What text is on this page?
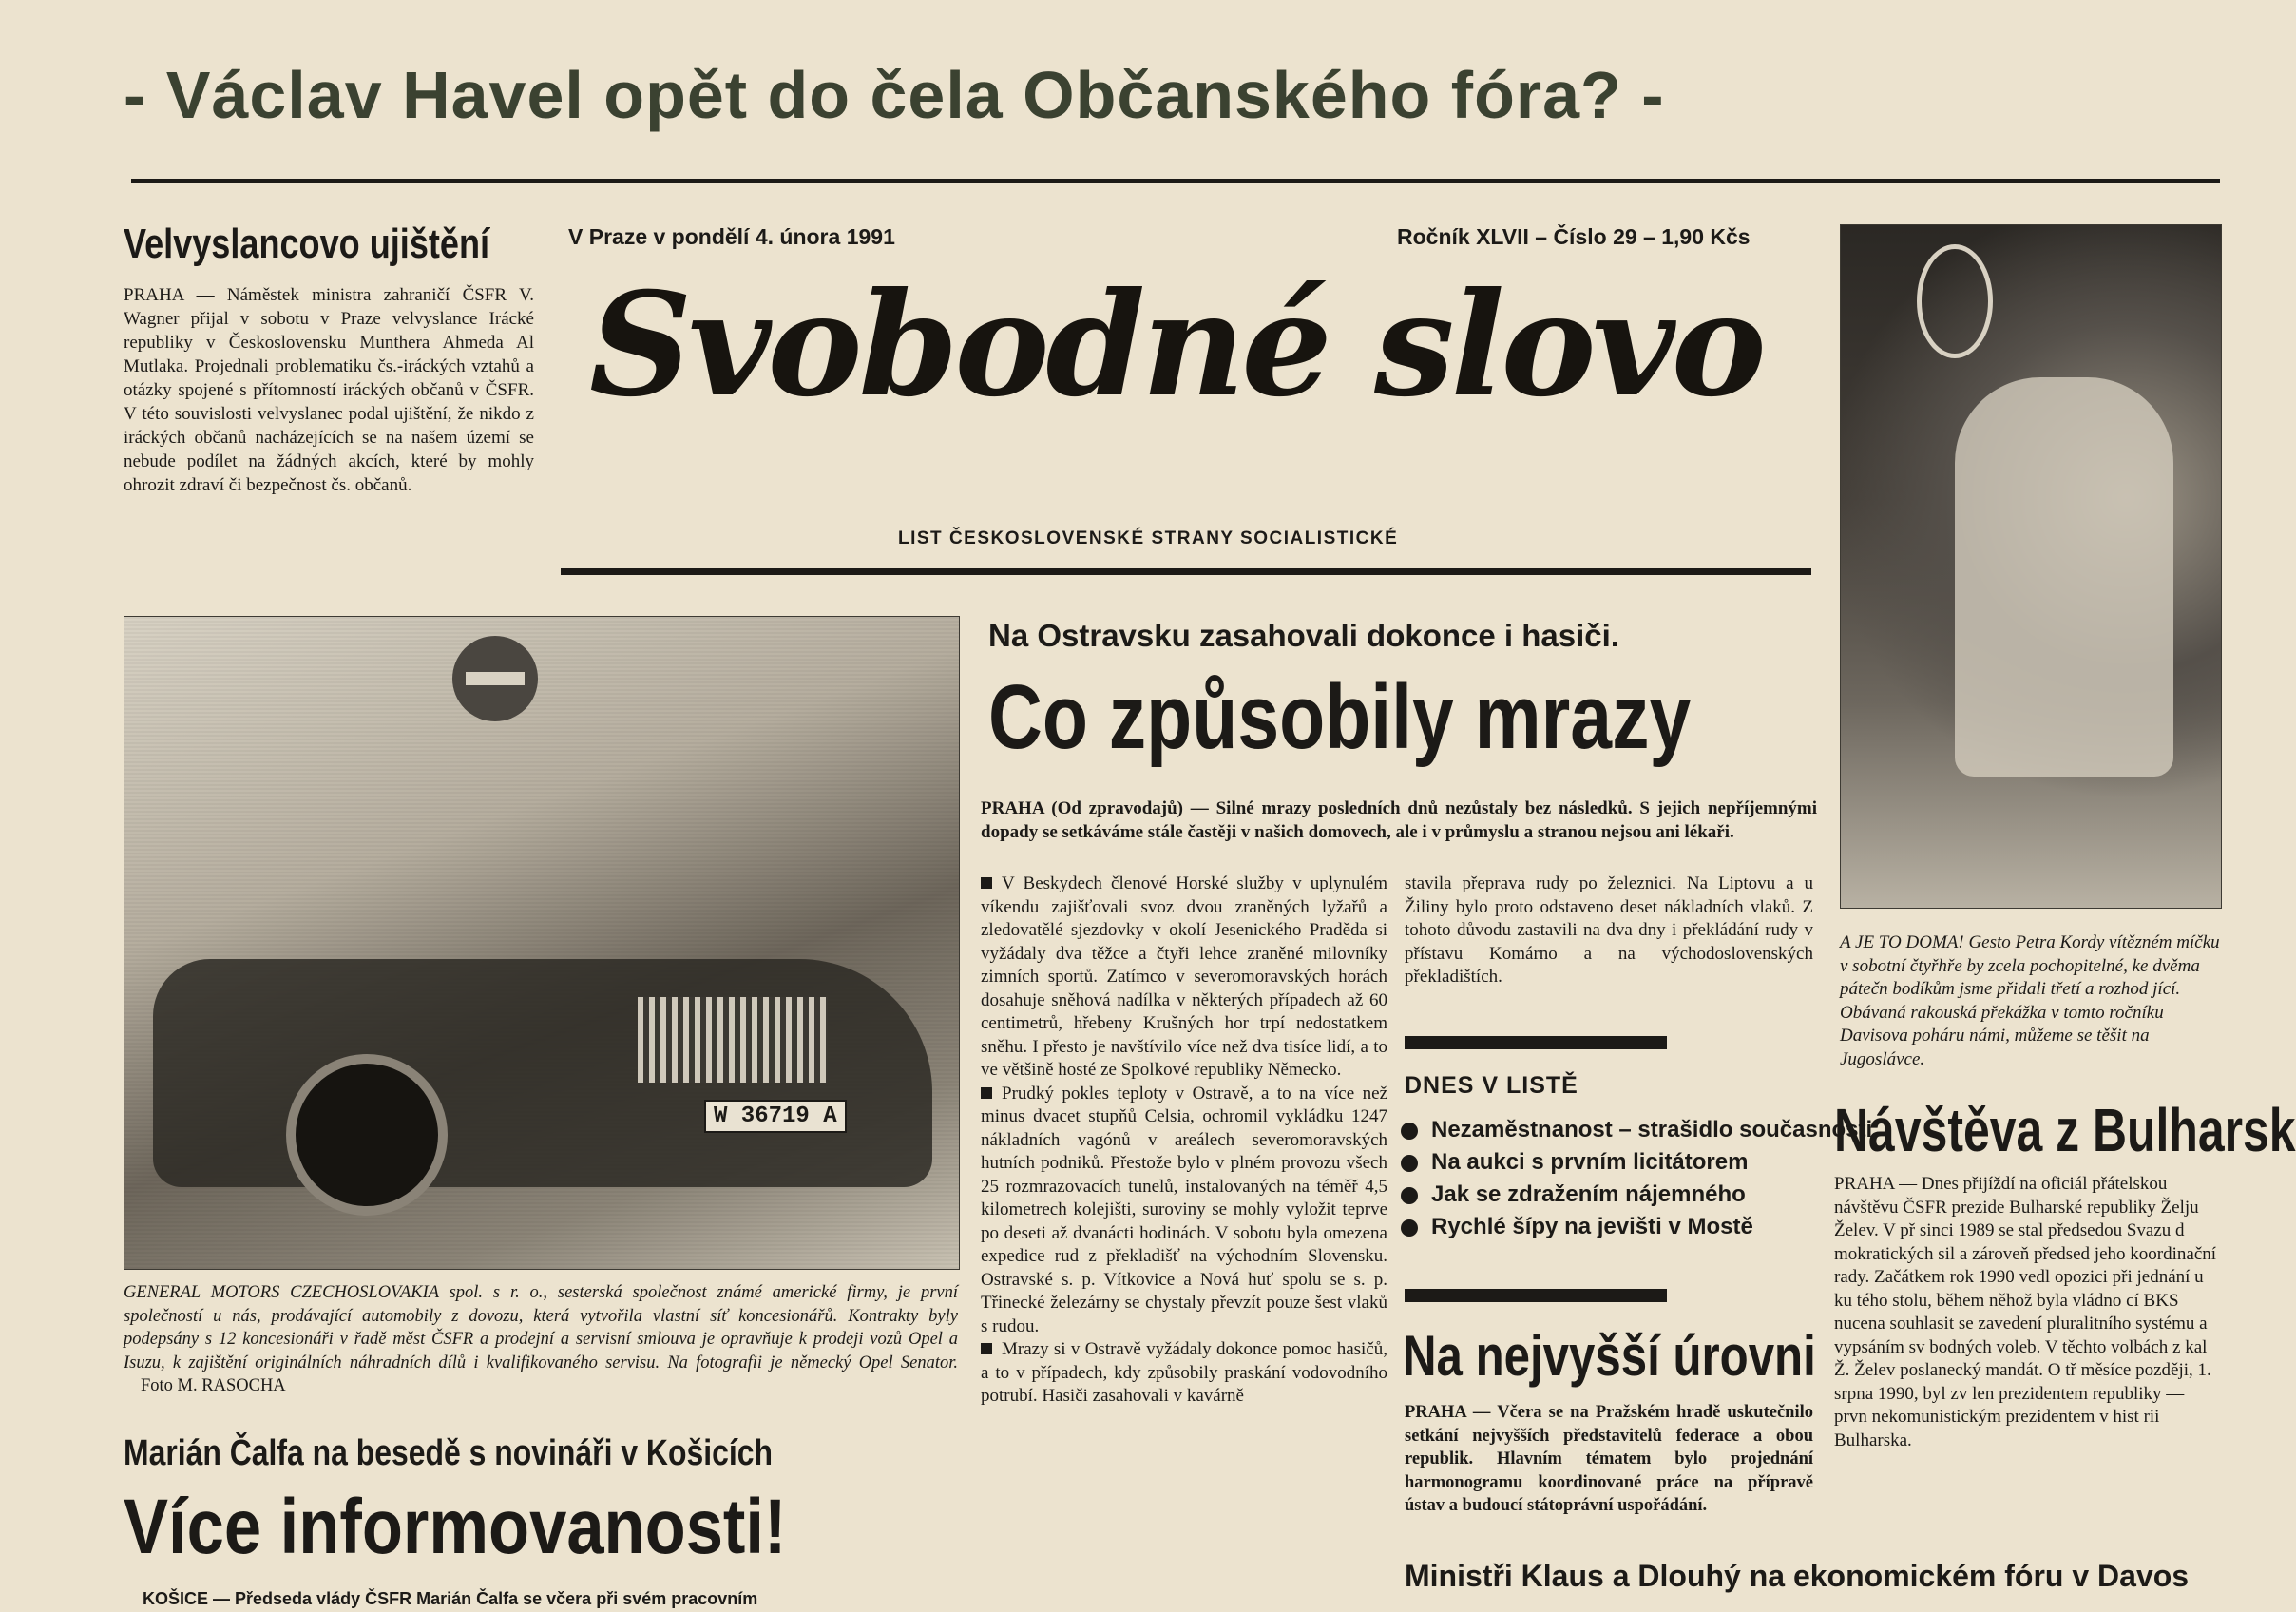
- Václav Havel opět do čela Občanského fóra? -
Velvyslancovo ujištění
PRAHA — Náměstek ministra zahraničí ČSFR V. Wagner přijal v sobotu v Praze velvyslance Irácké republiky v Československu Munthera Ahmeda Al Mutlaka. Projednali problematiku čs.-iráckých vztahů a otázky spojené s přítomností iráckých občanů v ČSFR. V této souvislosti velvyslanec podal ujištění, že nikdo z iráckých občanů nacházejících se na našem území se nebude podílet na žádných akcích, které by mohly ohrozit zdraví či bezpečnost čs. občanů.
V Praze v pondělí 4. února 1991	Ročník XLVII – Číslo 29 – 1,90 Kčs
Svobodné slovo
LIST ČESKOSLOVENSKÉ STRANY SOCIALISTICKÉ
W 36719 A
GENERAL MOTORS CZECHOSLOVAKIA spol. s r. o., sesterská společnost známé americké firmy, je první společností u nás, prodávající automobily z dovozu, která vytvořila vlastní síť koncesionářů. Kontrakty byly podepsány s 12 koncesionáři v řadě měst ČSFR a prodejní a servisní smlouva je opravňuje k prodeji vozů Opel a Isuzu, k zajištění originálních náhradních dílů i kvalifikovaného servisu. Na fotografii je německý Opel Senator. Foto M. RASOCHA
Marián Čalfa na besedě s novináři v Košicích
Více informovanosti!
KOŠICE — Předseda vlády ČSFR Marián Čalfa se včera při svém pracovním
Na Ostravsku zasahovali dokonce i hasiči.
Co způsobily mrazy
PRAHA (Od zpravodajů) — Silné mrazy posledních dnů nezůstaly bez následků. S jejich nepříjemnými dopady se setkáváme stále častěji v našich domovech, ale i v průmyslu a stranou nejsou ani lékaři.

V Beskydech členové Horské služby v uplynulém víkendu zajišťovali svoz dvou zraněných lyžařů a zledovatělé sjezdovky v okolí Jesenického Praděda si vyžádaly dva těžce a čtyři lehce zraněné milovníky zimních sportů. Zatímco v severomoravských horách dosahuje sněhová nadílka v některých případech až 60 centimetrů, hřebeny Krušných hor trpí nedostatkem sněhu. I přesto je navštívilo více než dva tisíce lidí, a to ve většině hosté ze Spolkové republiky Německo.

Prudký pokles teploty v Ostravě, a to na více než minus dvacet stupňů Celsia, ochromil vykládku 1247 nákladních vagónů v areálech severomoravských hutních podniků. Přestože bylo v plném provozu všech 25 rozmrazovacích tunelů, instalovaných na téměř 4,5 kilometrech kolejišti, suroviny se mohly vyložit teprve po deseti až dvanácti hodinách. V sobotu byla omezena expedice rud z překladišť na východním Slovensku. Ostravské s. p. Vítkovice a Nová huť spolu se s. p. Třinecké železárny se chystaly převzít pouze šest vlaků s rudou.

Mrazy si v Ostravě vyžádaly dokonce pomoc hasičů, a to v případech, kdy způsobily praskání vodovodního potrubí. Hasiči zasahovali v kavárně

stavila přeprava rudy po železnici. Na Liptovu a u Žiliny bylo proto odstaveno deset nákladních vlaků. Z tohoto důvodu zastavili na dva dny i překládání rudy v přístavu Komárno a na východoslovenských překladištích.
DNES V LISTĚ
Nezaměstnanost – strašidlo současnosti
Na aukci s prvním licitátorem
Jak se zdražením nájemného
Rychlé šípy na jevišti v Mostě
Na nejvyšší úrovni
PRAHA — Včera se na Pražském hradě uskutečnilo setkání nejvyšších představitelů federace a obou republik. Hlavním tématem bylo projednání harmonogramu koordinované práce na přípravě ústav a budoucí státoprávní uspořádání.
Ministři Klaus a Dlouhý na ekonomickém fóru v Davos
A JE TO DOMA! Gesto Petra Kordy vítězném míčku v sobotní čtyřhře by zcela pochopitelné, ke dvěma pátečn bodíkům jsme přidali třetí a rozhod jící. Obávaná rakouská překážka v tomto ročníku Davisova poháru námi, můžeme se těšit na Jugoslávce.
Návštěva z Bulharsk
PRAHA — Dnes přijíždí na oficiál přátelskou návštěvu ČSFR prezide Bulharské republiky Želju Želev. V př sinci 1989 se stal předsedou Svazu d mokratických sil a zároveň předsed jeho koordinační rady. Začátkem rok 1990 vedl opozici při jednání u ku tého stolu, během něhož byla vládno cí BKS nucena souhlasit se zavedení pluralitního systému a vypsáním sv bodných voleb. V těchto volbách z kal Ž. Želev poslanecký mandát. O tř měsíce později, 1. srpna 1990, byl zv len prezidentem republiky — prvn nekomunistickým prezidentem v hist rii Bulharska.
